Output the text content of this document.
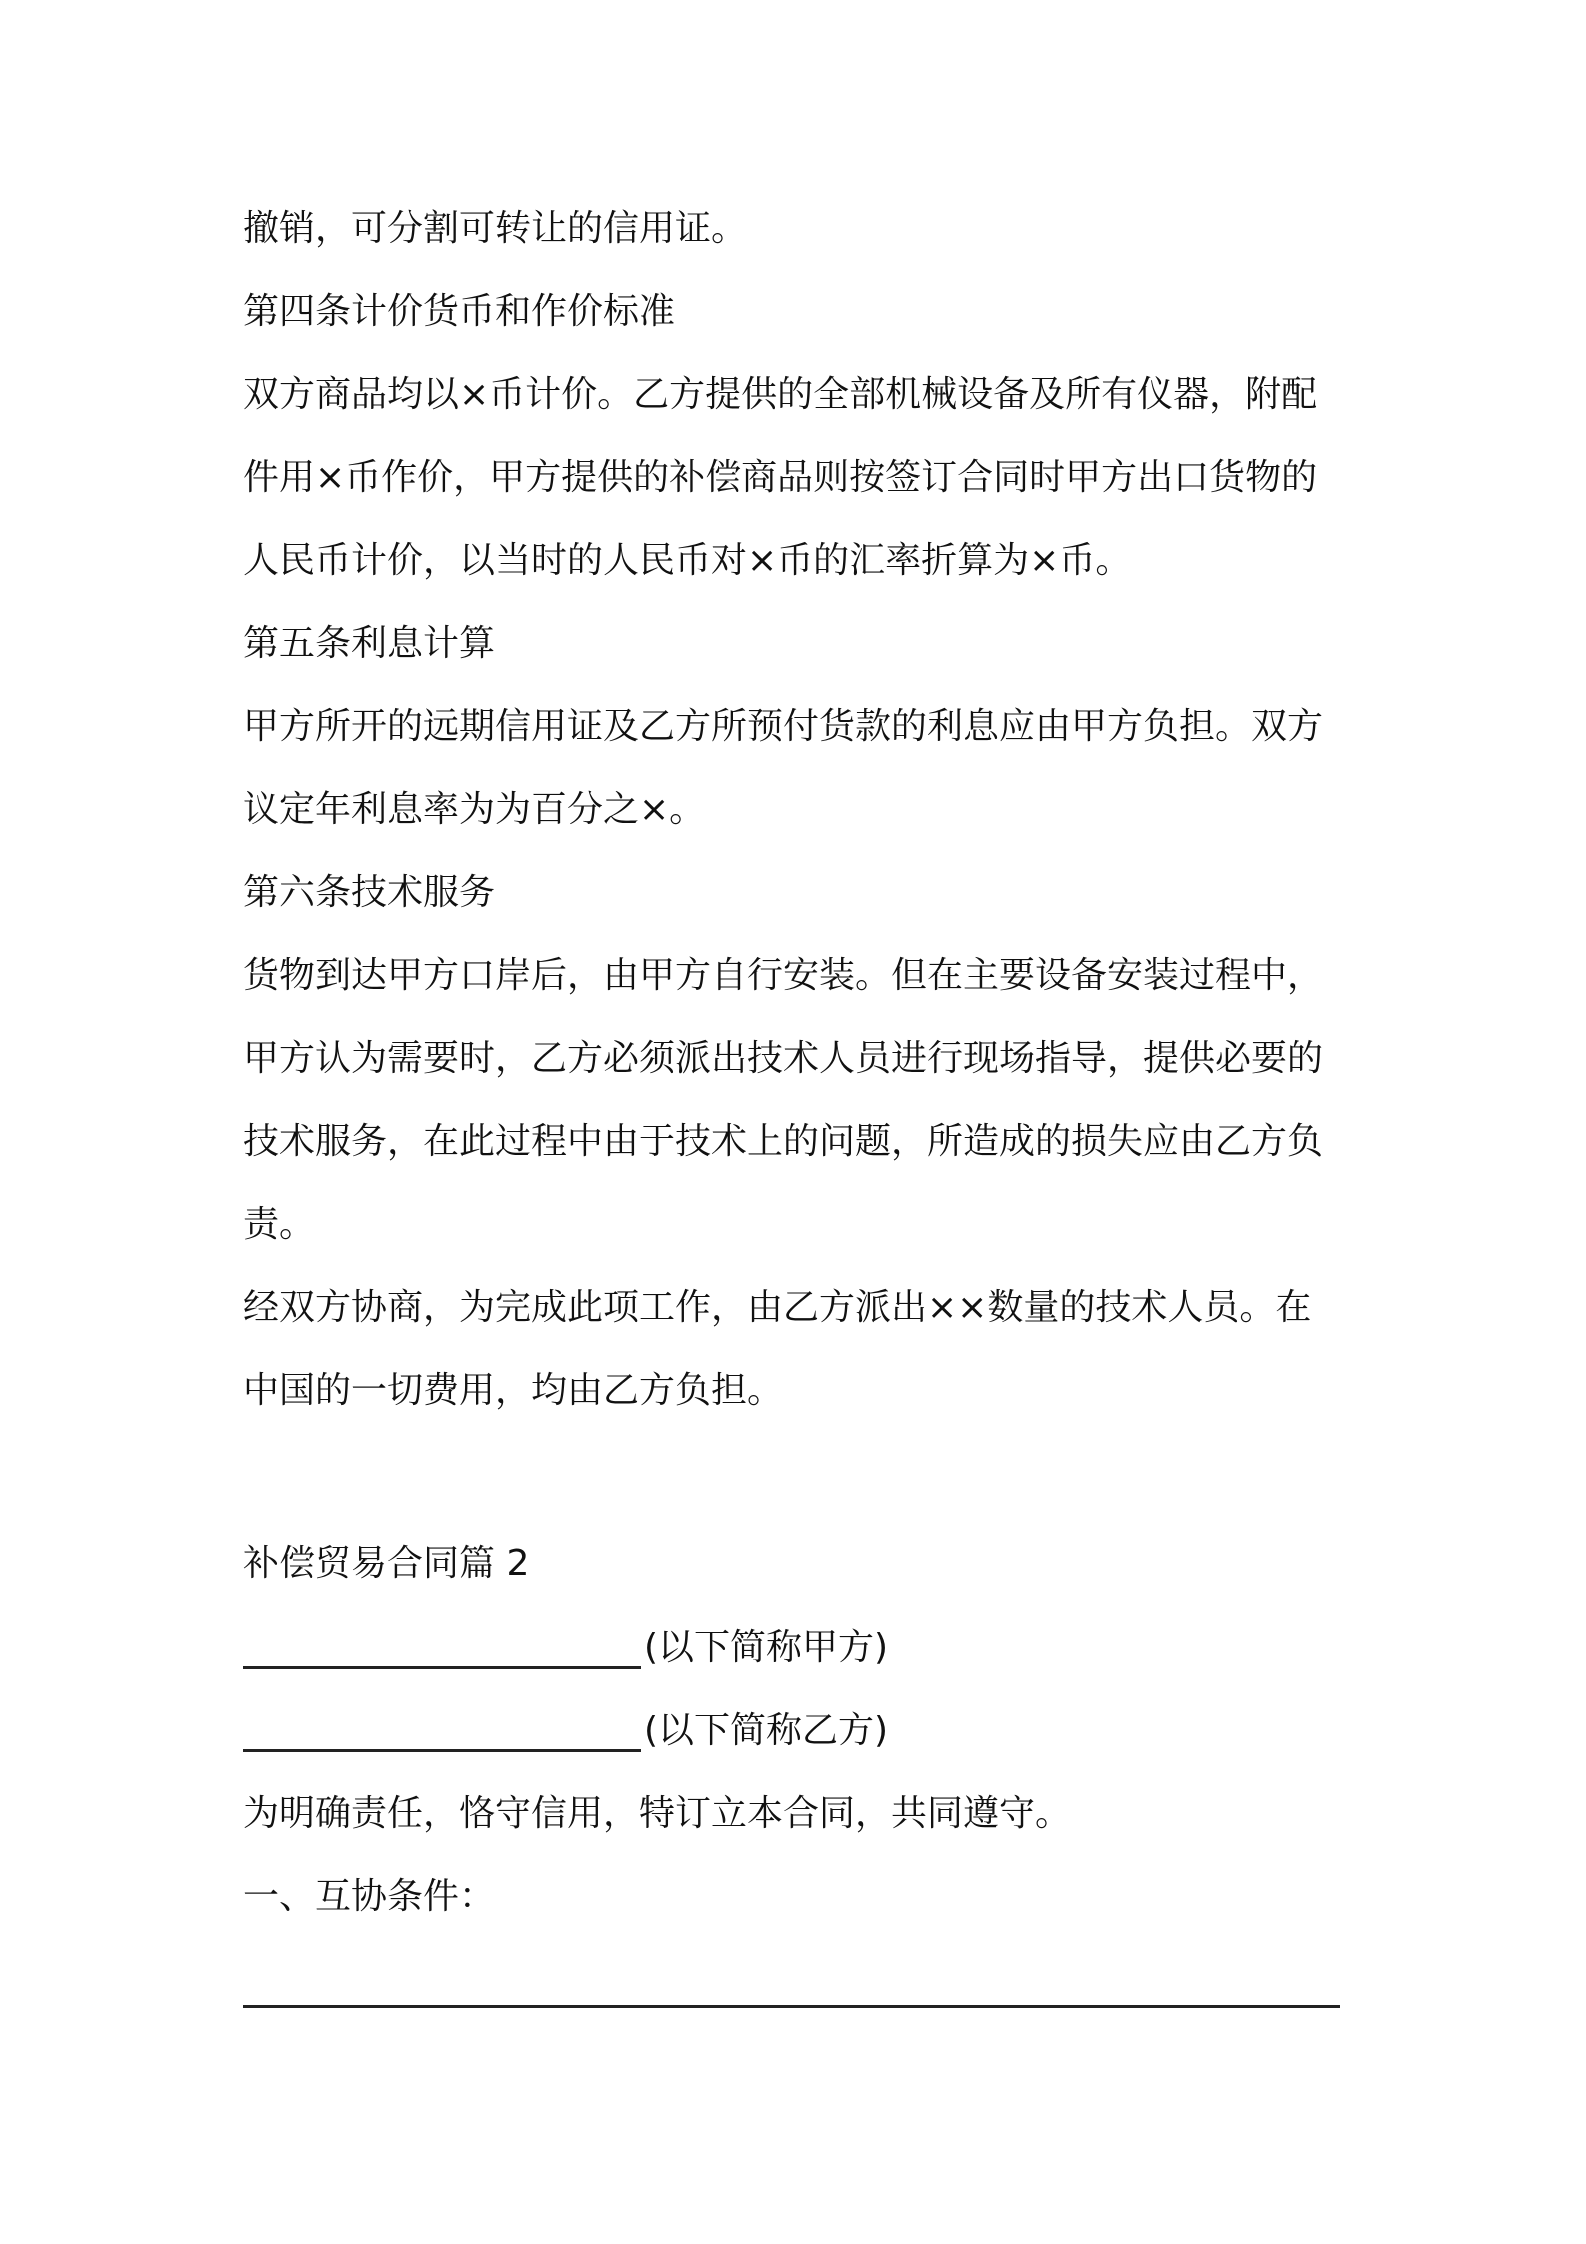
撤销，可分割可转让的信用证。
第四条计价货币和作价标准
双方商品均以×币计价。乙方提供的全部机械设备及所有仪器，附配
件用×币作价，甲方提供的补偿商品则按签订合同时甲方出口货物的
人民币计价，以当时的人民币对×币的汇率折算为×币。
第五条利息计算
甲方所开的远期信用证及乙方所预付货款的利息应由甲方负担。双方
议定年利息率为为百分之×。
第六条技术服务
货物到达甲方口岸后，由甲方自行安装。但在主要设备安装过程中，
甲方认为需要时，乙方必须派出技术人员进行现场指导，提供必要的
技术服务，在此过程中由于技术上的问题，所造成的损失应由乙方负
责。
经双方协商，为完成此项工作，由乙方派出××数量的技术人员。在
中国的一切费用，均由乙方负担。
补偿贸易合同篇 2
(以下简称甲方)
(以下简称乙方)
为明确责任，恪守信用，特订立本合同，共同遵守。
一、互协条件：
